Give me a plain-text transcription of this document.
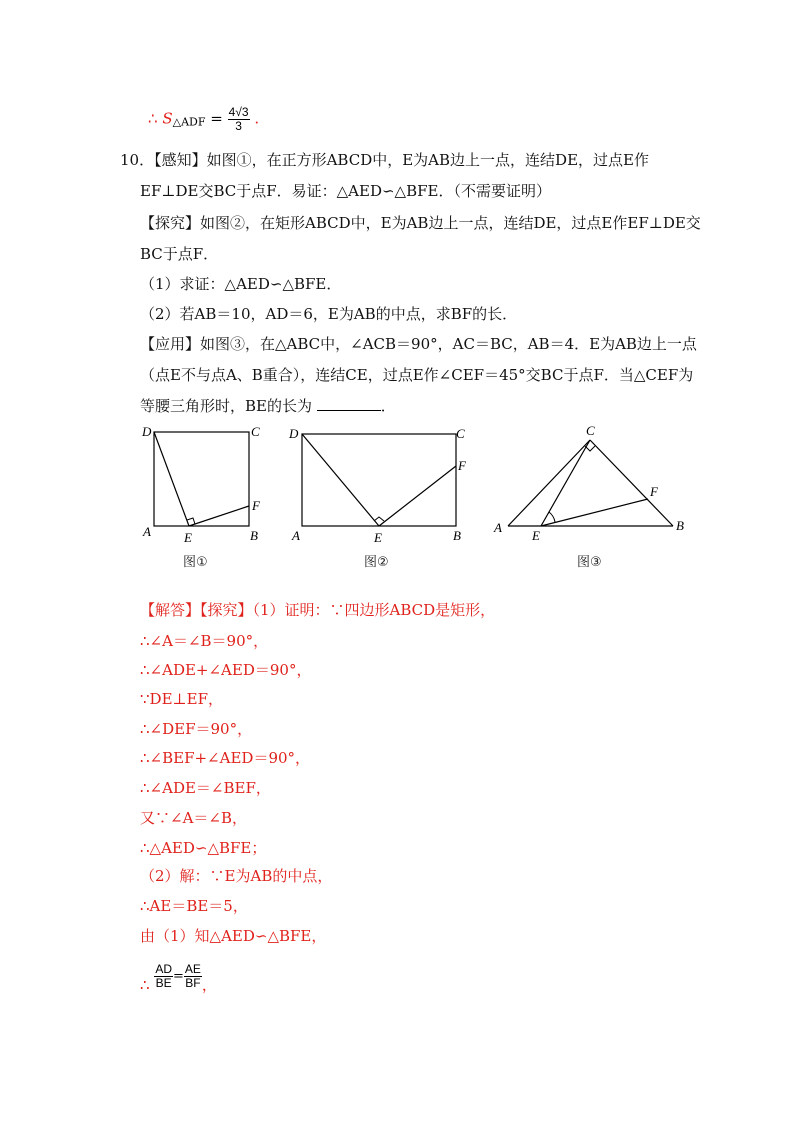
∴ S△ADF = $\frac{4√3}{3}$ .
10．【感知】如图①，在正方形ABCD中，E为AB边上一点，连结DE，过点E作
EF⊥DE交BC于点F．易证：△AED∽△BFE．（不需要证明）
【探究】如图②，在矩形ABCD中，E为AB边上一点，连结DE，过点E作EF⊥DE交
BC于点F．
（1）求证：△AED∽△BFE．
（2）若AB＝10，AD＝6，E为AB的中点，求BF的长．
【应用】如图③，在△ABC中，∠ACB＝90°，AC＝BC，AB＝4．E为AB边上一点
（点E不与点A、B重合），连结CE，过点E作∠CEF＝45°交BC于点F．当△CEF为
等腰三角形时，BE的长为	．
D	C
A	B
E
F
图①
D	C
A	B
E
F
图②
C
A	B
E
F
图③
【解答】【探究】（1）证明：∵四边形ABCD是矩形，
∴∠A＝∠B＝90°，
∴∠ADE+∠AED＝90°，
∵DE⊥EF，
∴∠DEF＝90°，
∴∠BEF+∠AED＝90°，
∴∠ADE＝∠BEF，
又∵∠A＝∠B，
∴△AED∽△BFE；
（2）解：∵E为AB的中点，
∴AE＝BE＝5，
由（1）知△AED∽△BFE，
∴ $\frac{AD}{BE} = \frac{AE}{BF}$ ，
